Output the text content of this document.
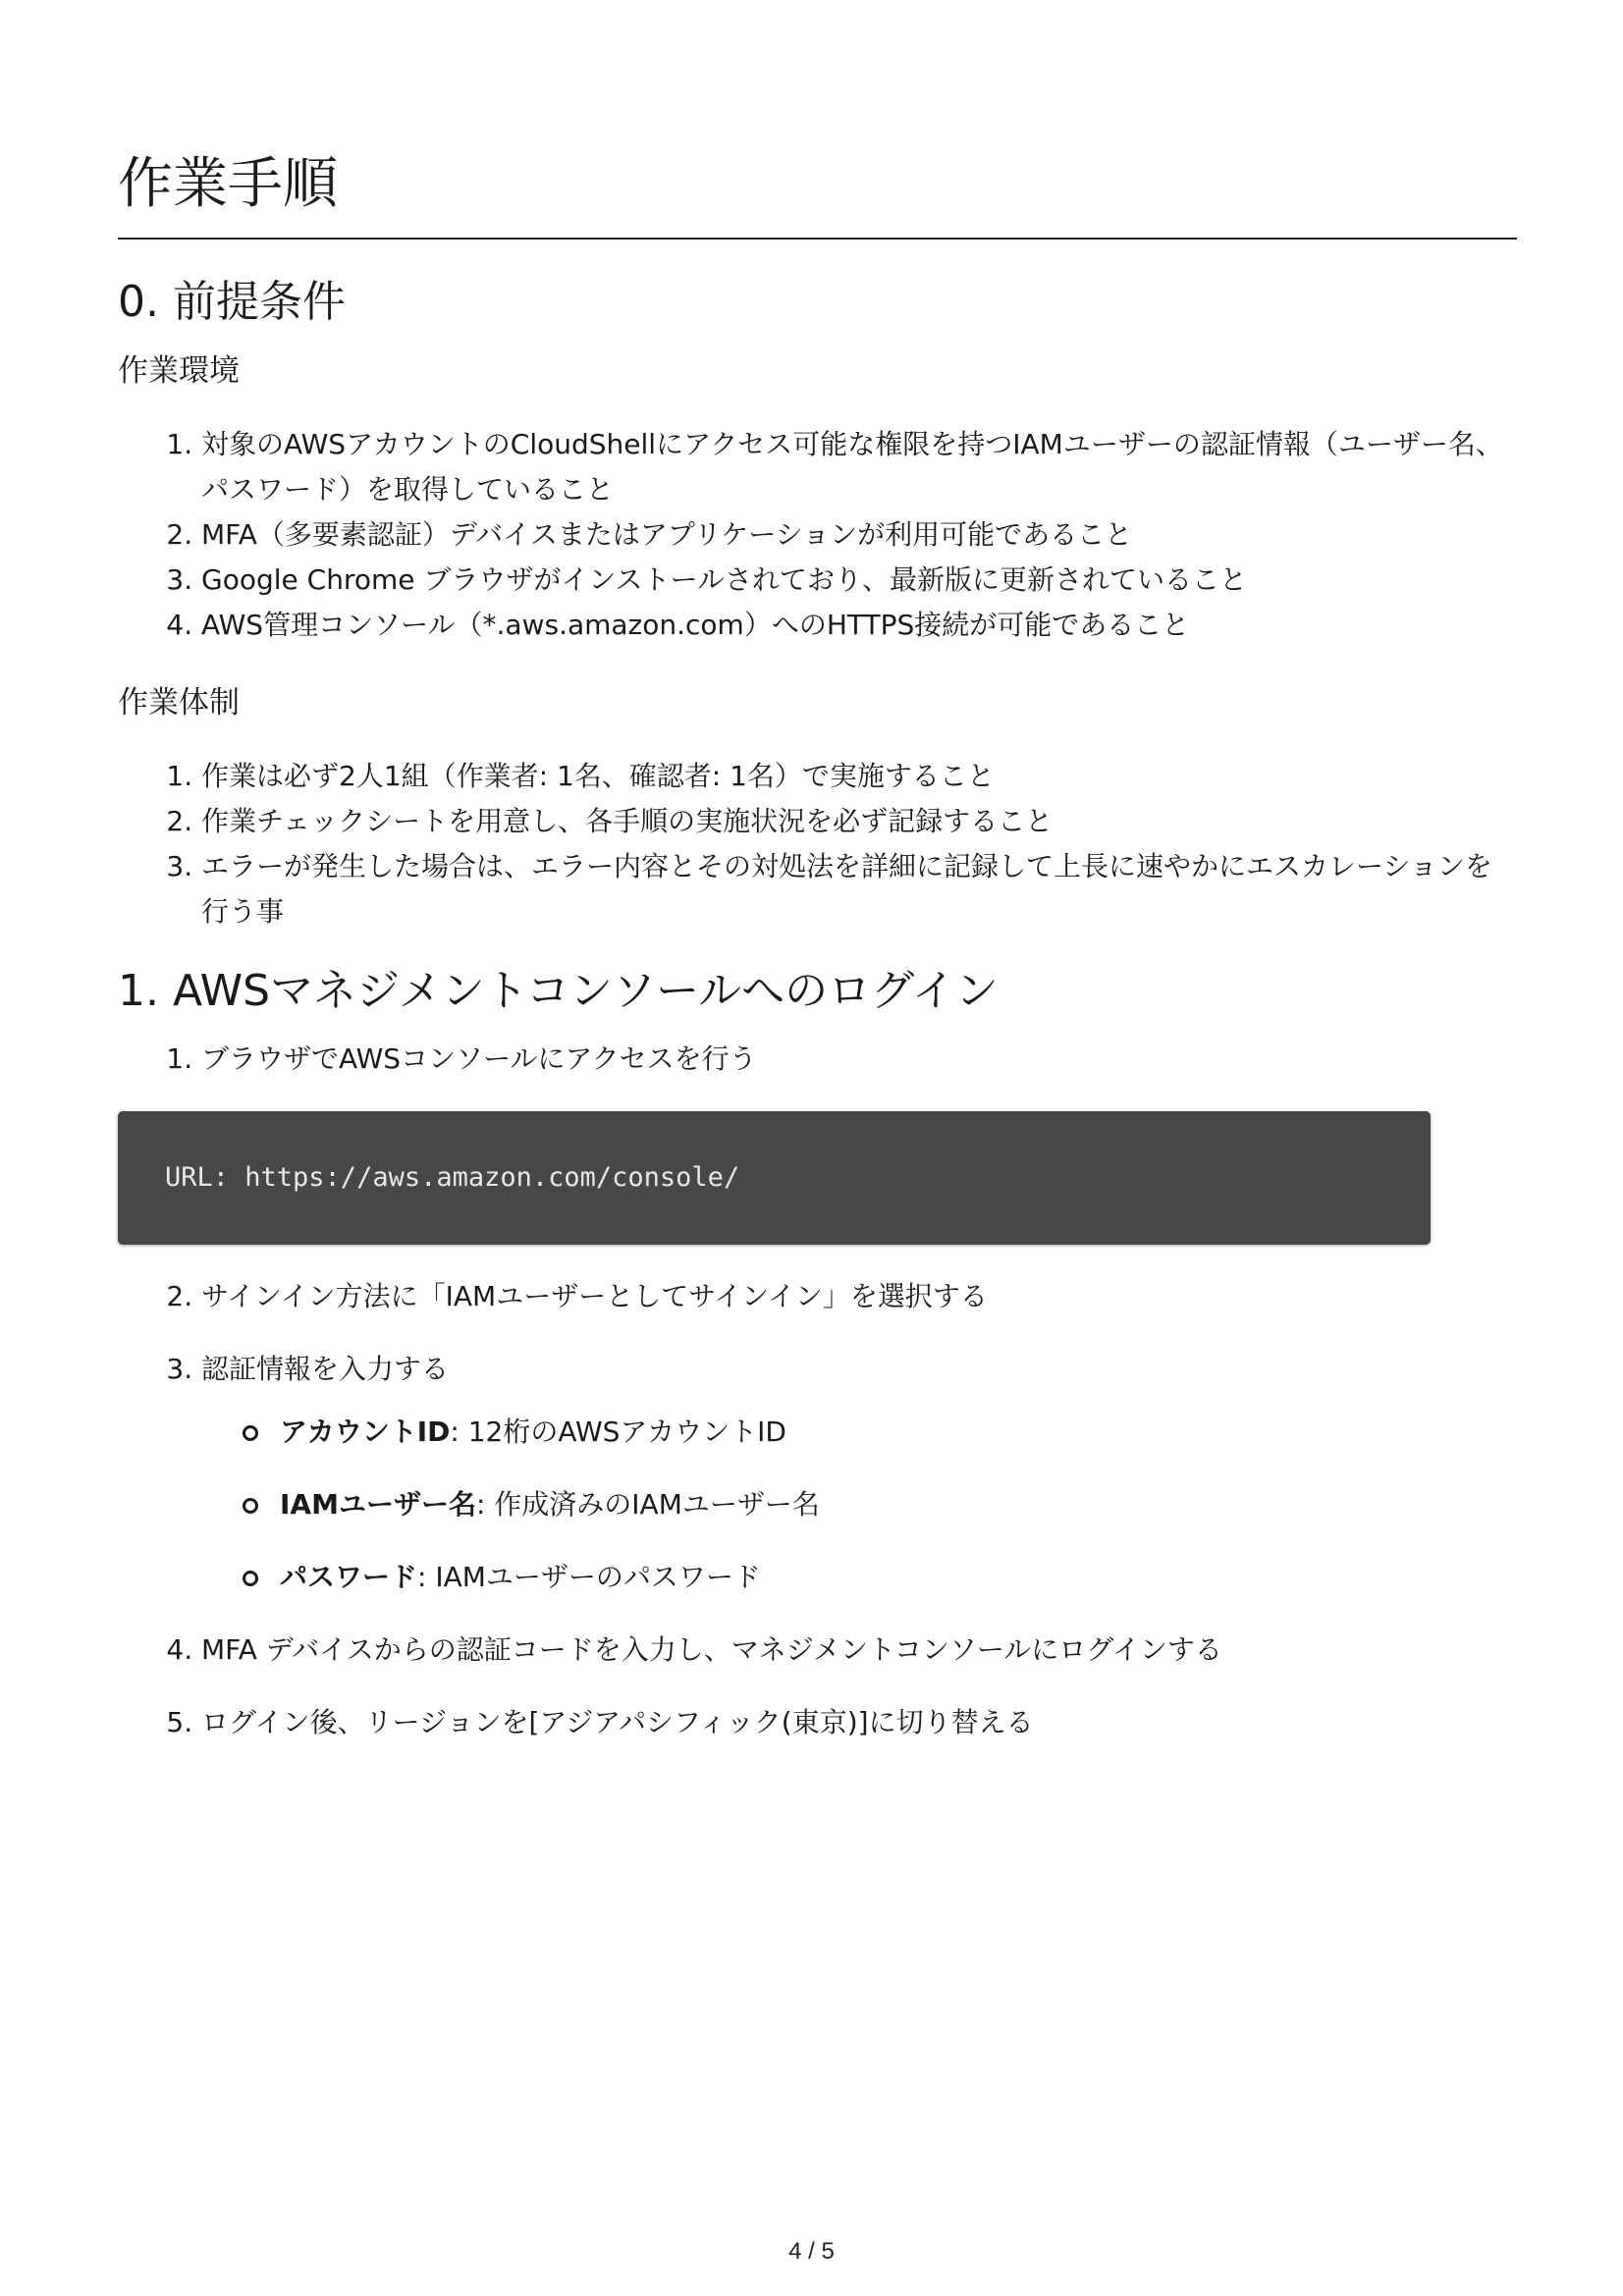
作業手順
0. 前提条件
作業環境
1. 対象のAWSアカウントのCloudShellにアクセス可能な権限を持つIAMユーザーの認証情報（ユーザー名、パスワード）を取得していること
2. MFA（多要素認証）デバイスまたはアプリケーションが利用可能であること
3. Google Chrome ブラウザがインストールされており、最新版に更新されていること
4. AWS管理コンソール（*.aws.amazon.com）へのHTTPS接続が可能であること
作業体制
1. 作業は必ず2人1組（作業者: 1名、確認者: 1名）で実施すること
2. 作業チェックシートを用意し、各手順の実施状況を必ず記録すること
3. エラーが発生した場合は、エラー内容とその対処法を詳細に記録して上長に速やかにエスカレーションを行う事
1. AWSマネジメントコンソールへのログイン
1. ブラウザでAWSコンソールにアクセスを行う
URL: https://aws.amazon.com/console/
2. サインイン方法に「IAMユーザーとしてサインイン」を選択する
3. 認証情報を入力する
アカウントID: 12桁のAWSアカウントID
IAMユーザー名: 作成済みのIAMユーザー名
パスワード: IAMユーザーのパスワード
4. MFA デバイスからの認証コードを入力し、マネジメントコンソールにログインする
5. ログイン後、リージョンを[アジアパシフィック(東京)]に切り替える
4 / 5
